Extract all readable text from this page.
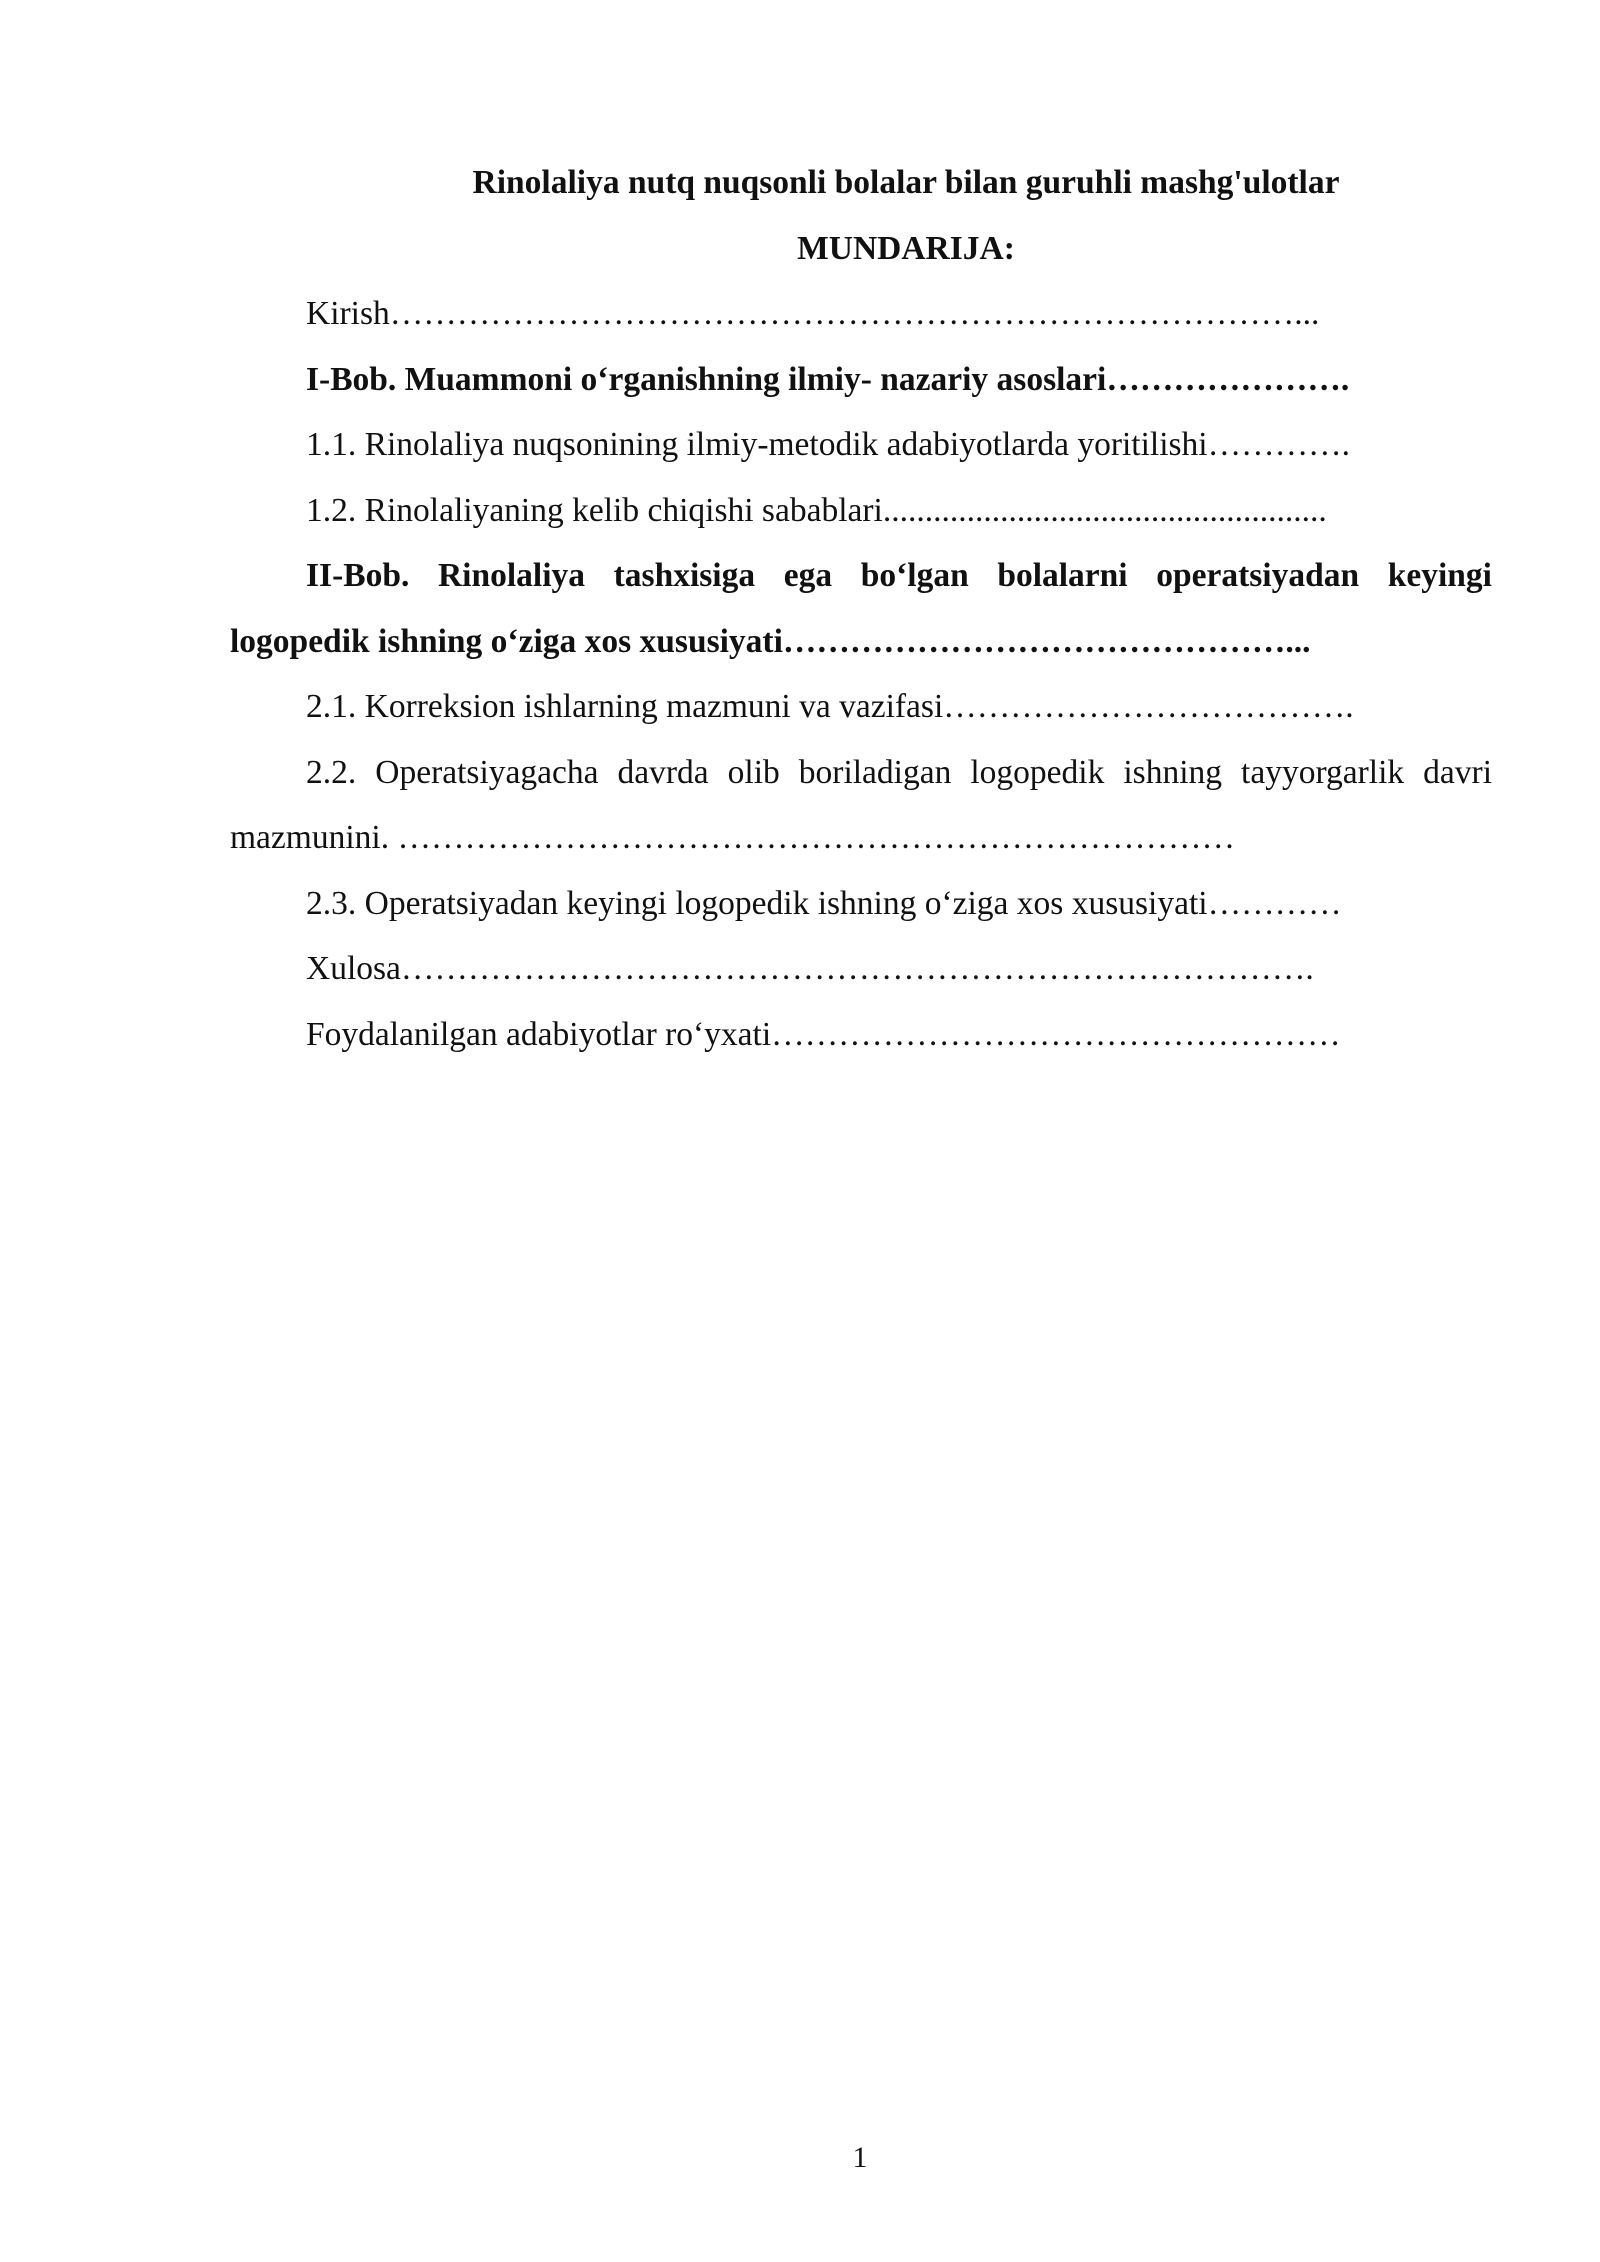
Rinolaliya nutq nuqsonli bolalar bilan guruhli mashg'ulotlar

MUNDARIJA:

Kirish………………………………………………………………………...

I-Bob. Muammoni o‘rganishning ilmiy- nazariy asoslari………………….

1.1. Rinolaliya nuqsonining ilmiy-metodik adabiyotlarda yoritilishi………….

1.2. Rinolaliyaning kelib chiqishi sabablari.....................................................

II-Bob. Rinolaliya tashxisiga ega bo‘lgan bolalarni operatsiyadan keyingi logopedik ishning o‘ziga xos xususiyati………………………………………...

2.1. Korreksion ishlarning mazmuni va vazifasi……………………………….

2.2. Operatsiyagacha davrda olib boriladigan logopedik ishning tayyorgarlik davri mazmunini. …………………………………………………………………

2.3. Operatsiyadan keyingi logopedik ishning o‘ziga xos xususiyati…………

Xulosa……………………………………………………………………….

Foydalanilgan adabiyotlar ro‘yxati……………………………………………

1
